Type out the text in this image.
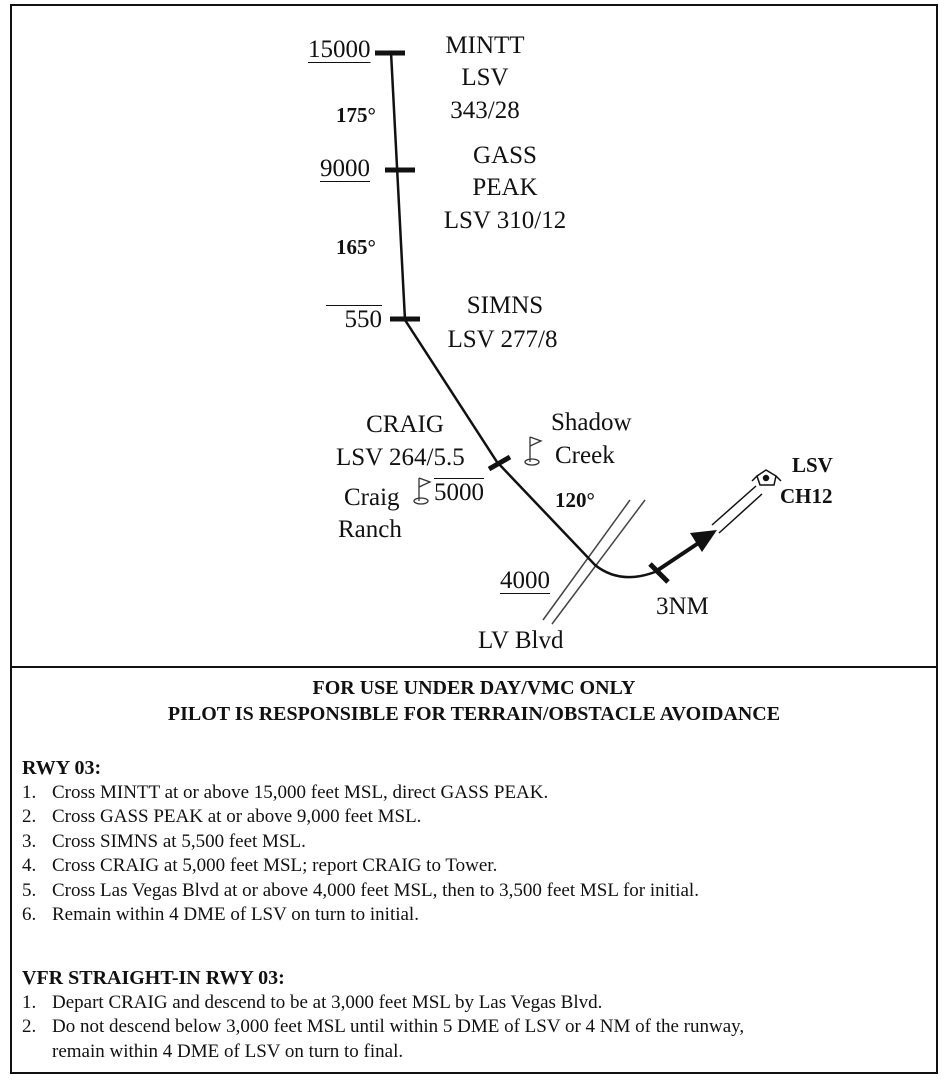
15000	MINTT
LSV
343/28
175°
9000	GASS
PEAK
LSV 310/12
165°
550
SIMNS
LSV 277/8
CRAIG
LSV 264/5.5
5000
Shadow
Creek
Craig
Ranch
120°
4000
LV Blvd
3NM
LSV
CH12
FOR USE UNDER DAY/VMC ONLY
PILOT IS RESPONSIBLE FOR TERRAIN/OBSTACLE AVOIDANCE
RWY 03:
1. Cross MINTT at or above 15,000 feet MSL, direct GASS PEAK.
2. Cross GASS PEAK at or above 9,000 feet MSL.
3. Cross SIMNS at 5,500 feet MSL.
4. Cross CRAIG at 5,000 feet MSL; report CRAIG to Tower.
5. Cross Las Vegas Blvd at or above 4,000 feet MSL, then to 3,500 feet MSL for initial.
6. Remain within 4 DME of LSV on turn to initial.
VFR STRAIGHT-IN RWY 03:
1. Depart CRAIG and descend to be at 3,000 feet MSL by Las Vegas Blvd.
2. Do not descend below 3,000 feet MSL until within 5 DME of LSV or 4 NM of the runway,
remain within 4 DME of LSV on turn to final.
